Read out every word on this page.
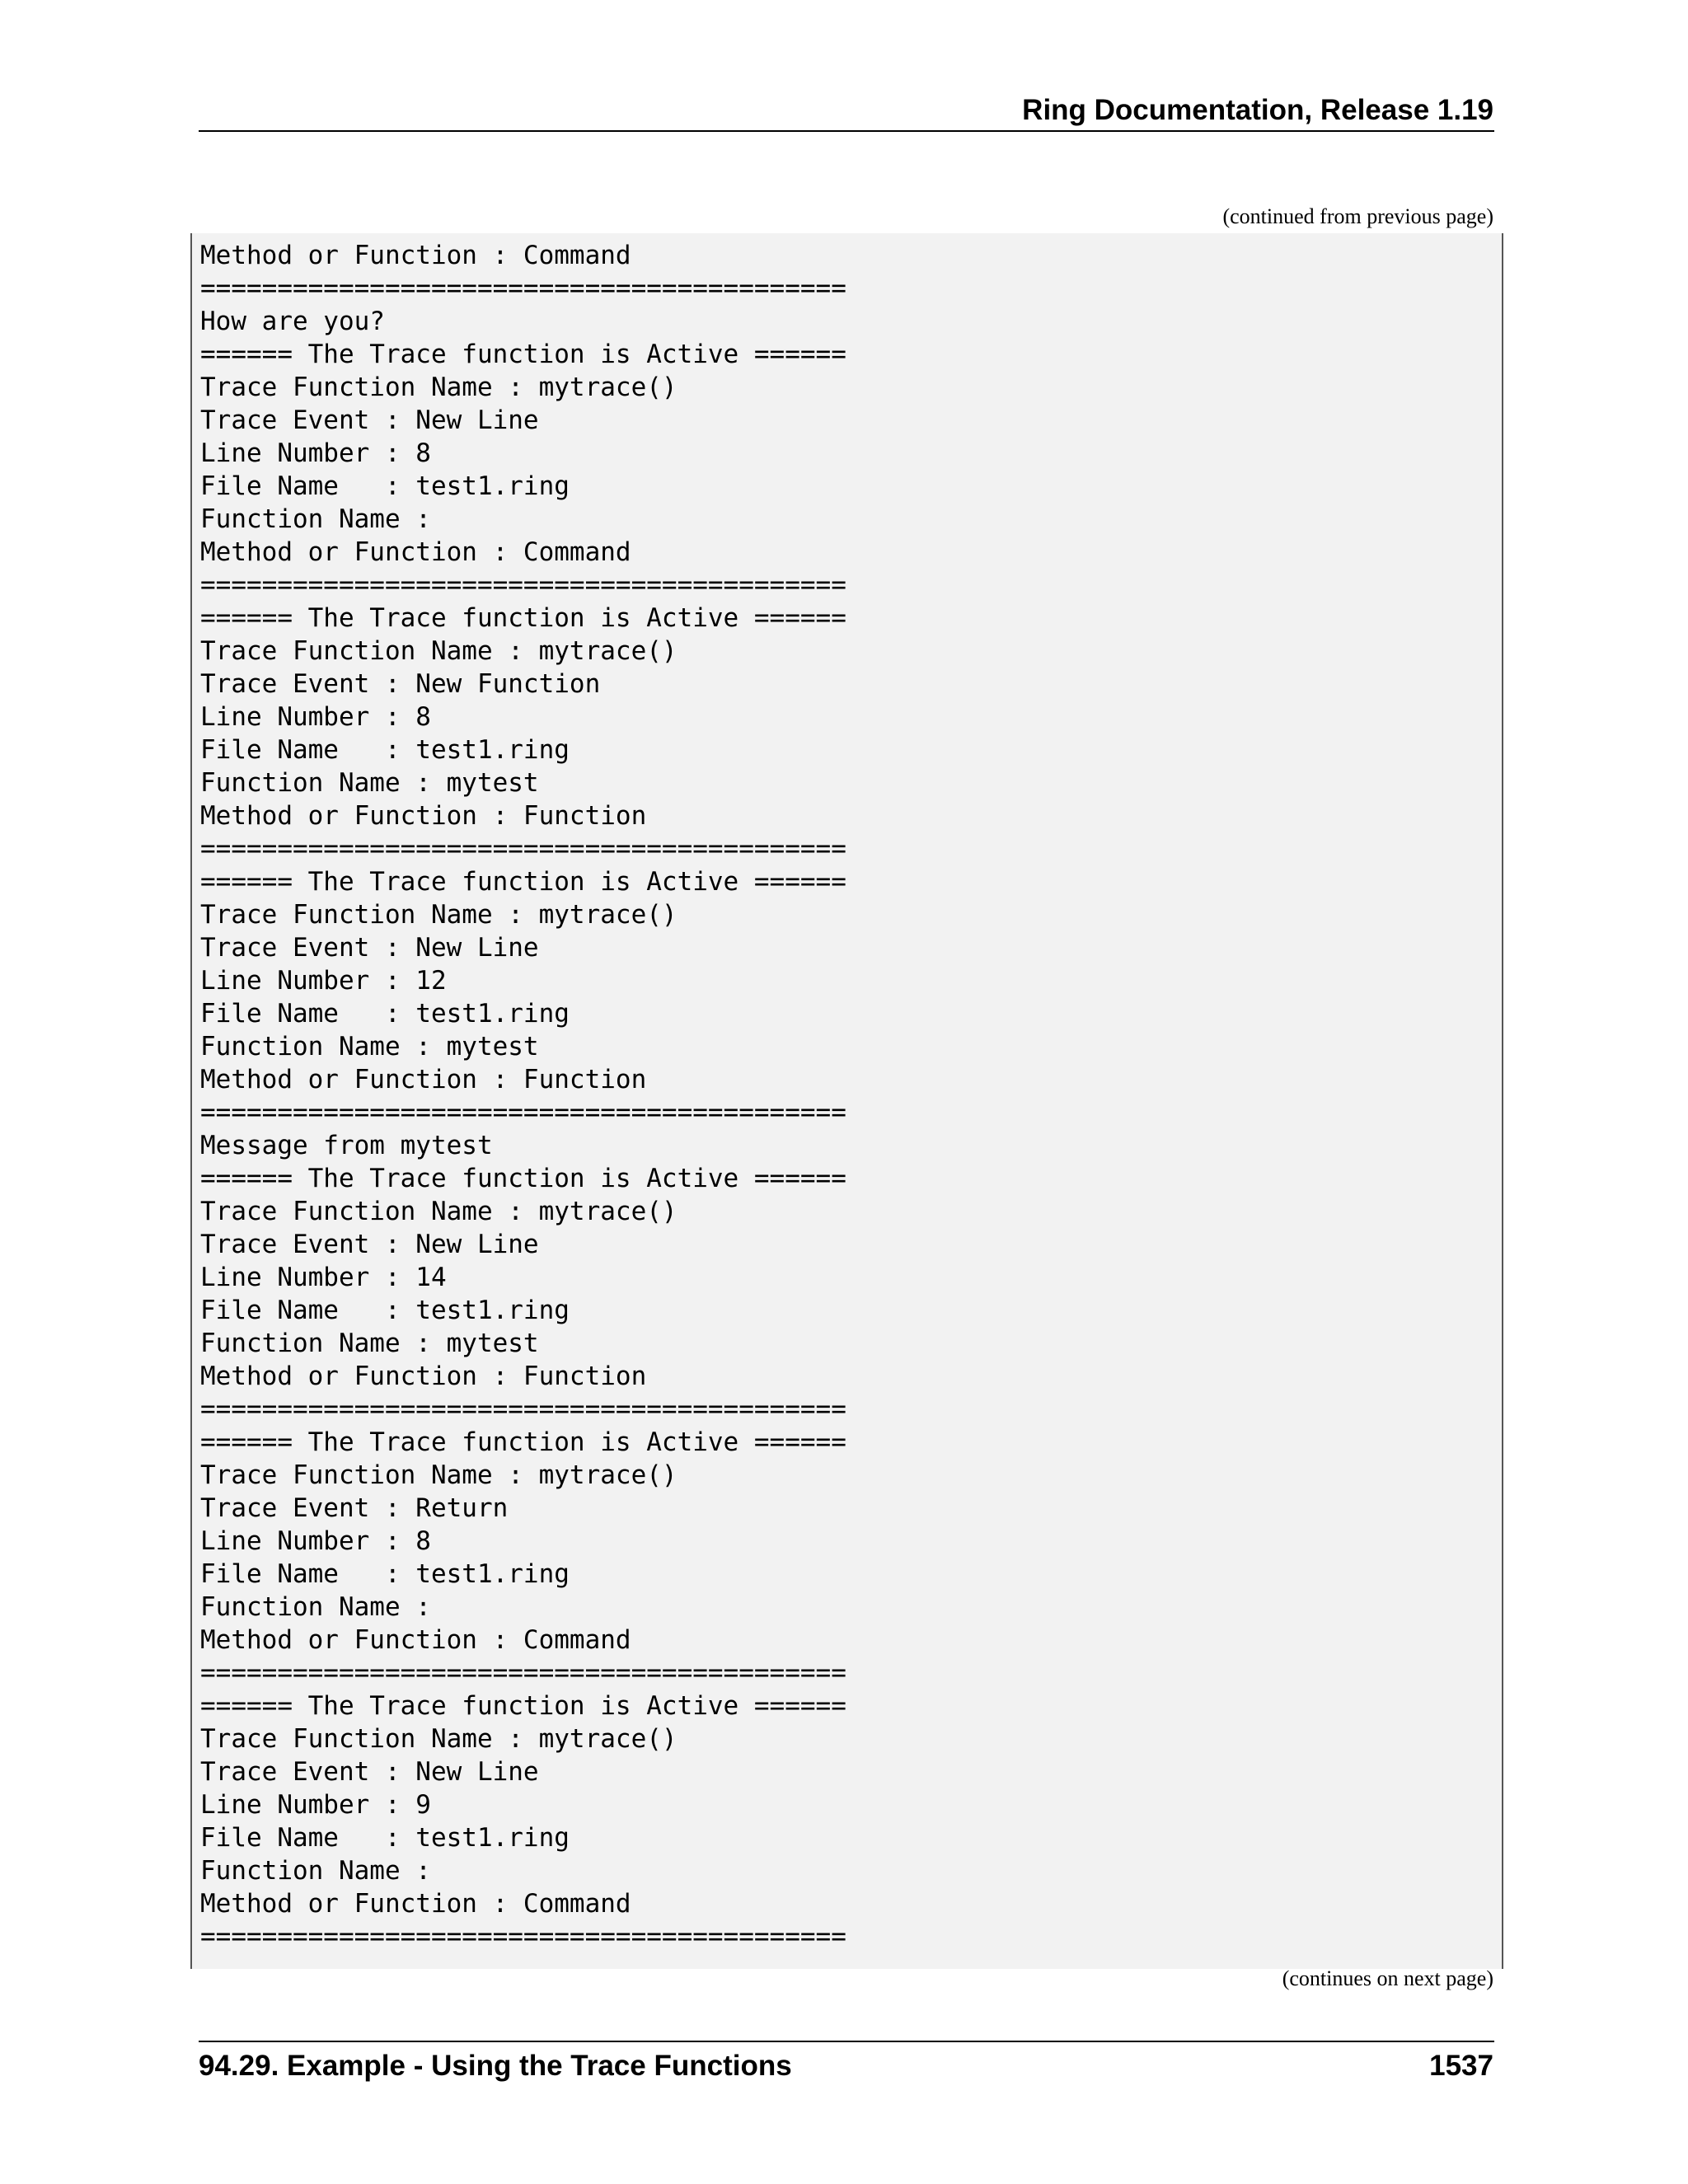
Ring Documentation, Release 1.19
(continued from previous page)
Method or Function : Command
==========================================
How are you?
====== The Trace function is Active ======
Trace Function Name : mytrace()
Trace Event : New Line
Line Number : 8
File Name   : test1.ring
Function Name :
Method or Function : Command
==========================================
====== The Trace function is Active ======
Trace Function Name : mytrace()
Trace Event : New Function
Line Number : 8
File Name   : test1.ring
Function Name : mytest
Method or Function : Function
==========================================
====== The Trace function is Active ======
Trace Function Name : mytrace()
Trace Event : New Line
Line Number : 12
File Name   : test1.ring
Function Name : mytest
Method or Function : Function
==========================================
Message from mytest
====== The Trace function is Active ======
Trace Function Name : mytrace()
Trace Event : New Line
Line Number : 14
File Name   : test1.ring
Function Name : mytest
Method or Function : Function
==========================================
====== The Trace function is Active ======
Trace Function Name : mytrace()
Trace Event : Return
Line Number : 8
File Name   : test1.ring
Function Name :
Method or Function : Command
==========================================
====== The Trace function is Active ======
Trace Function Name : mytrace()
Trace Event : New Line
Line Number : 9
File Name   : test1.ring
Function Name :
Method or Function : Command
==========================================
(continues on next page)
94.29. Example - Using the Trace Functions	1537
